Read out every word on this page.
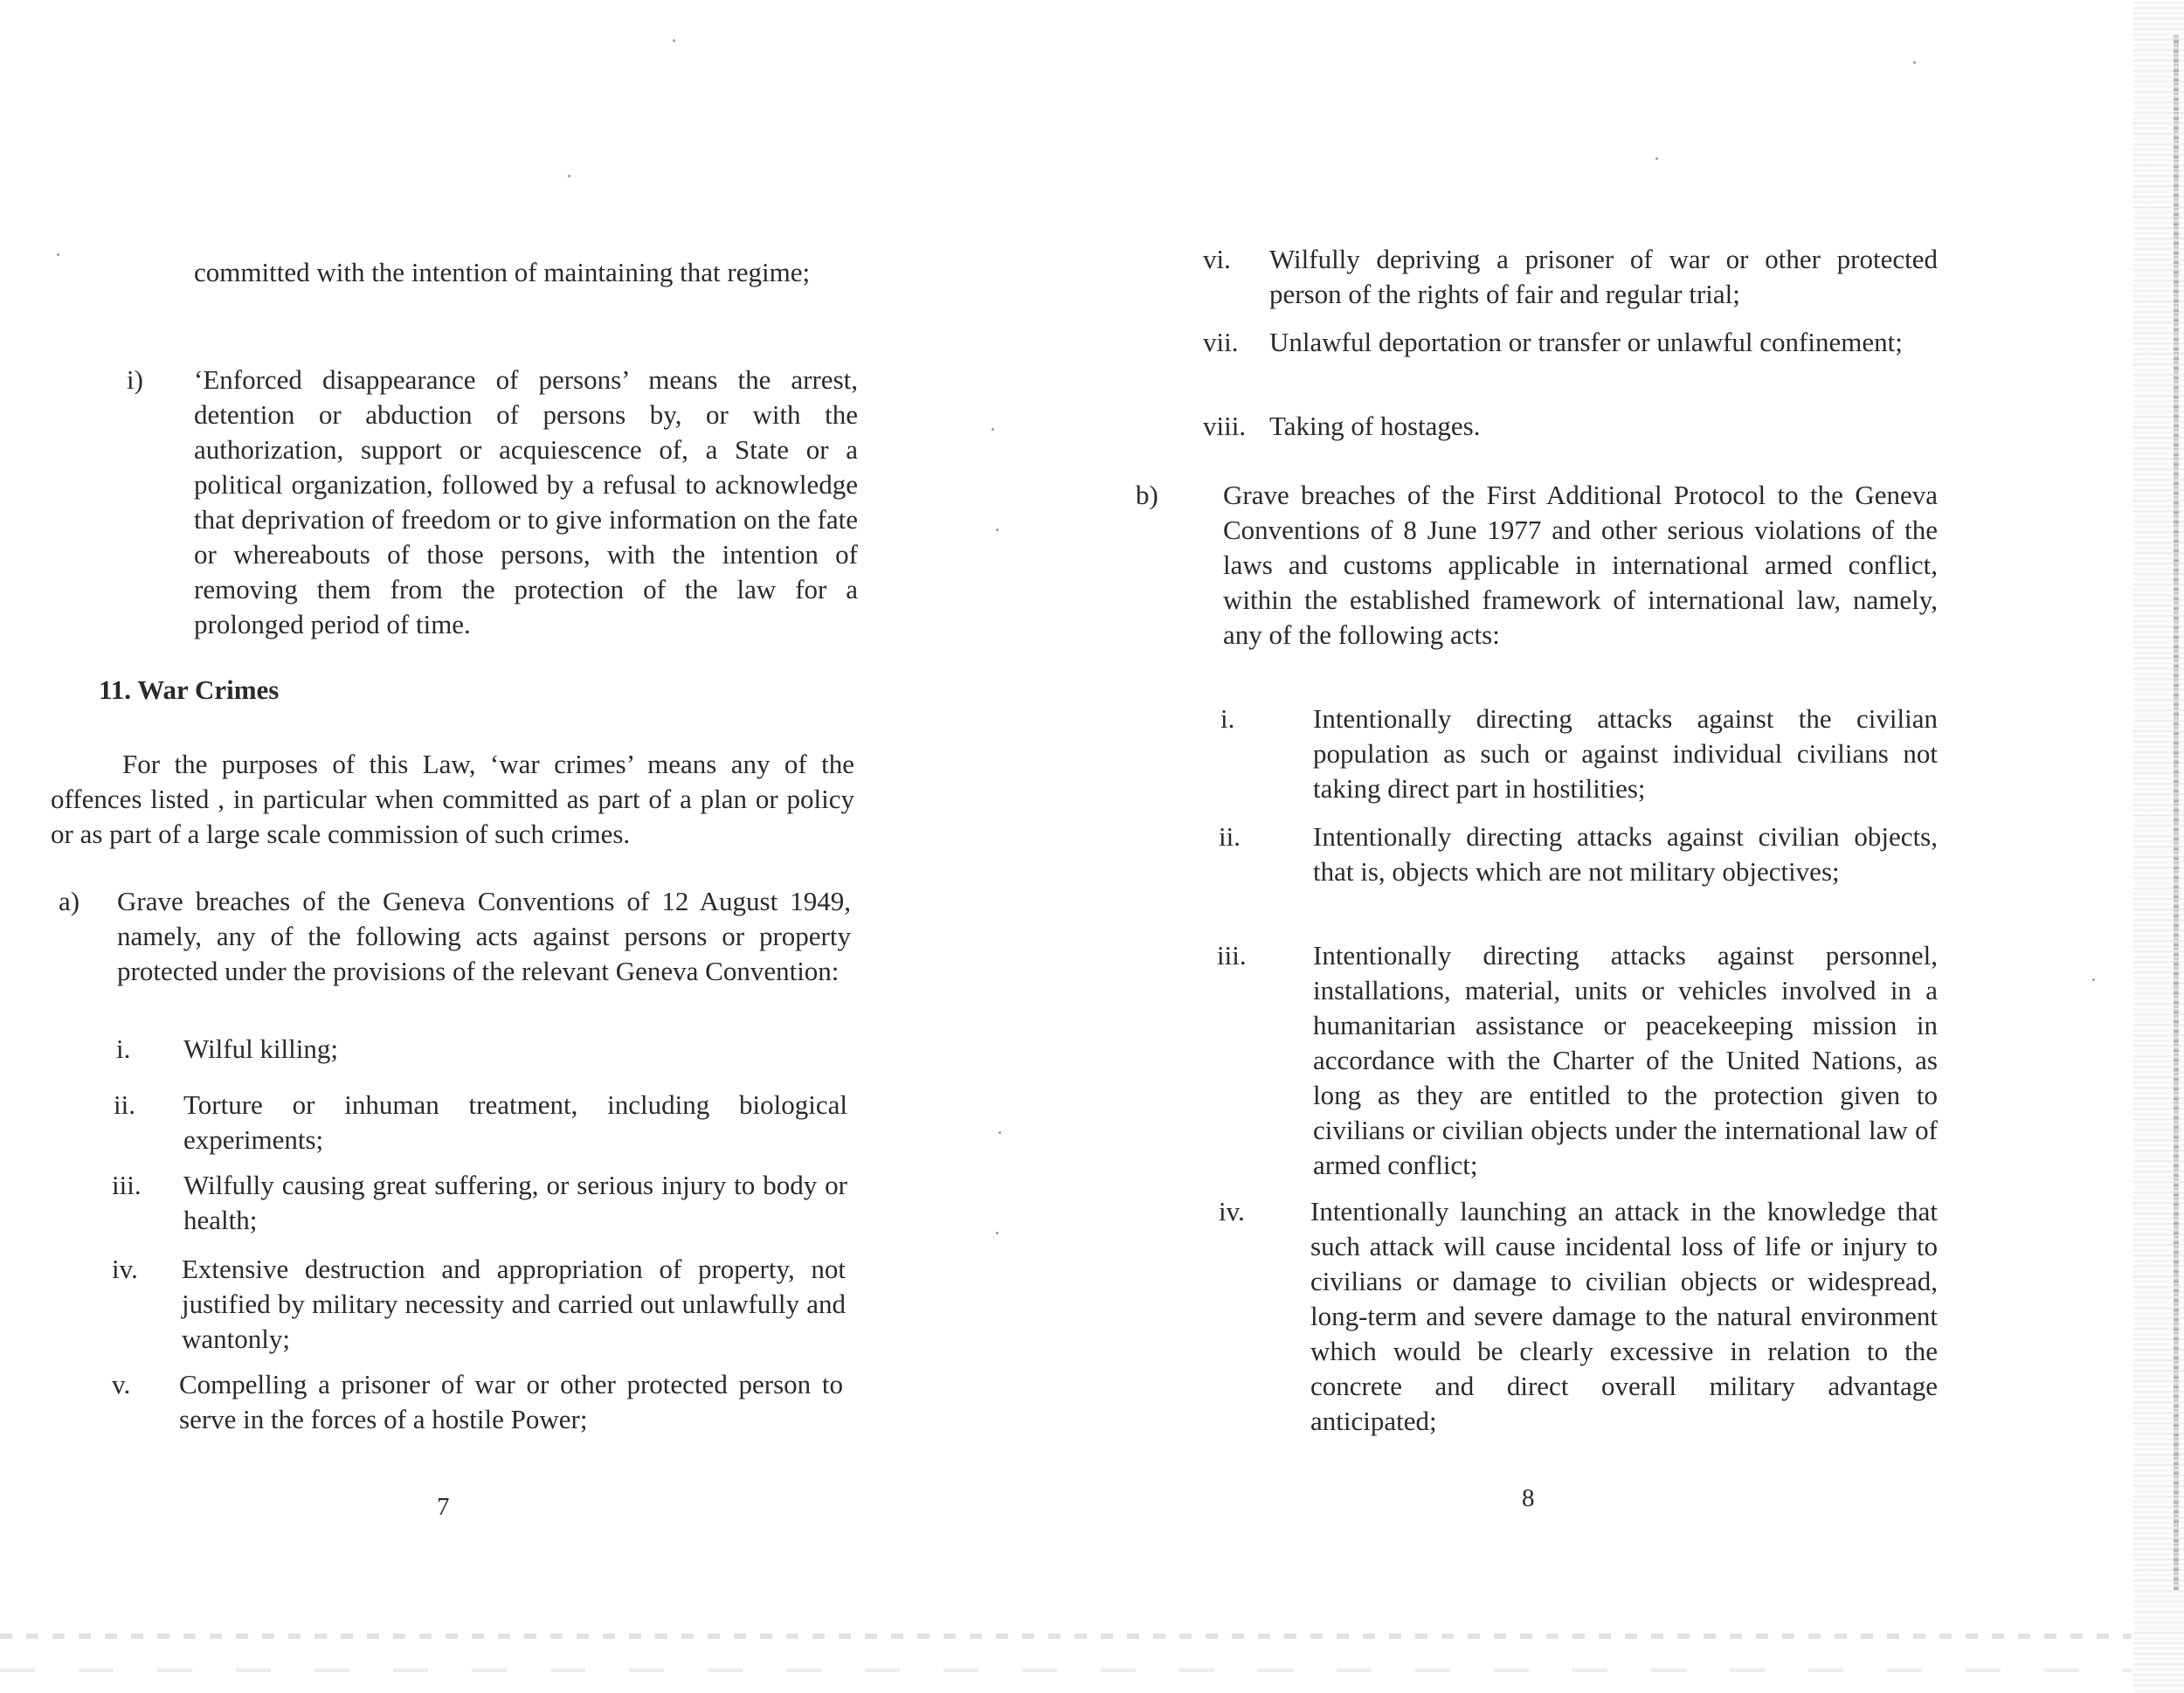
committed with the intention of maintaining that regime;
i) ‘Enforced disappearance of persons’ means the arrest, detention or abduction of persons by, or with the authorization, support or acquiescence of, a State or a political organization, followed by a refusal to acknowledge that deprivation of freedom or to give information on the fate or whereabouts of those persons, with the intention of removing them from the protection of the law for a prolonged period of time.
11. War Crimes
For the purposes of this Law, ‘war crimes’ means any of the offences listed , in particular when committed as part of a plan or policy or as part of a large scale commission of such crimes.
a) Grave breaches of the Geneva Conventions of 12 August 1949, namely, any of the following acts against persons or property protected under the provisions of the relevant Geneva Convention:
i. Wilful killing;
ii. Torture or inhuman treatment, including biological experiments;
iii. Wilfully causing great suffering, or serious injury to body or health;
iv. Extensive destruction and appropriation of property, not justified by military necessity and carried out unlawfully and wantonly;
v. Compelling a prisoner of war or other protected person to serve in the forces of a hostile Power;
7
vi. Wilfully depriving a prisoner of war or other protected person of the rights of fair and regular trial;
vii. Unlawful deportation or transfer or unlawful confinement;
viii. Taking of hostages.
b) Grave breaches of the First Additional Protocol to the Geneva Conventions of 8 June 1977 and other serious violations of the laws and customs applicable in international armed conflict, within the established framework of international law, namely, any of the following acts:
i.	Intentionally directing attacks against the civilian population as such or against individual civilians not taking direct part in hostilities;
ii.	Intentionally directing attacks against civilian objects, that is, objects which are not military objectives;
iii. Intentionally directing attacks against personnel, installations, material, units or vehicles involved in a humanitarian assistance or peacekeeping mission in accordance with the Charter of the United Nations, as long as they are entitled to the protection given to civilians or civilian objects under the international law of armed conflict;
iv. Intentionally launching an attack in the knowledge that such attack will cause incidental loss of life or injury to civilians or damage to civilian objects or widespread, long-term and severe damage to the natural environment which would be clearly excessive in relation to the concrete and direct overall military advantage anticipated;
8
